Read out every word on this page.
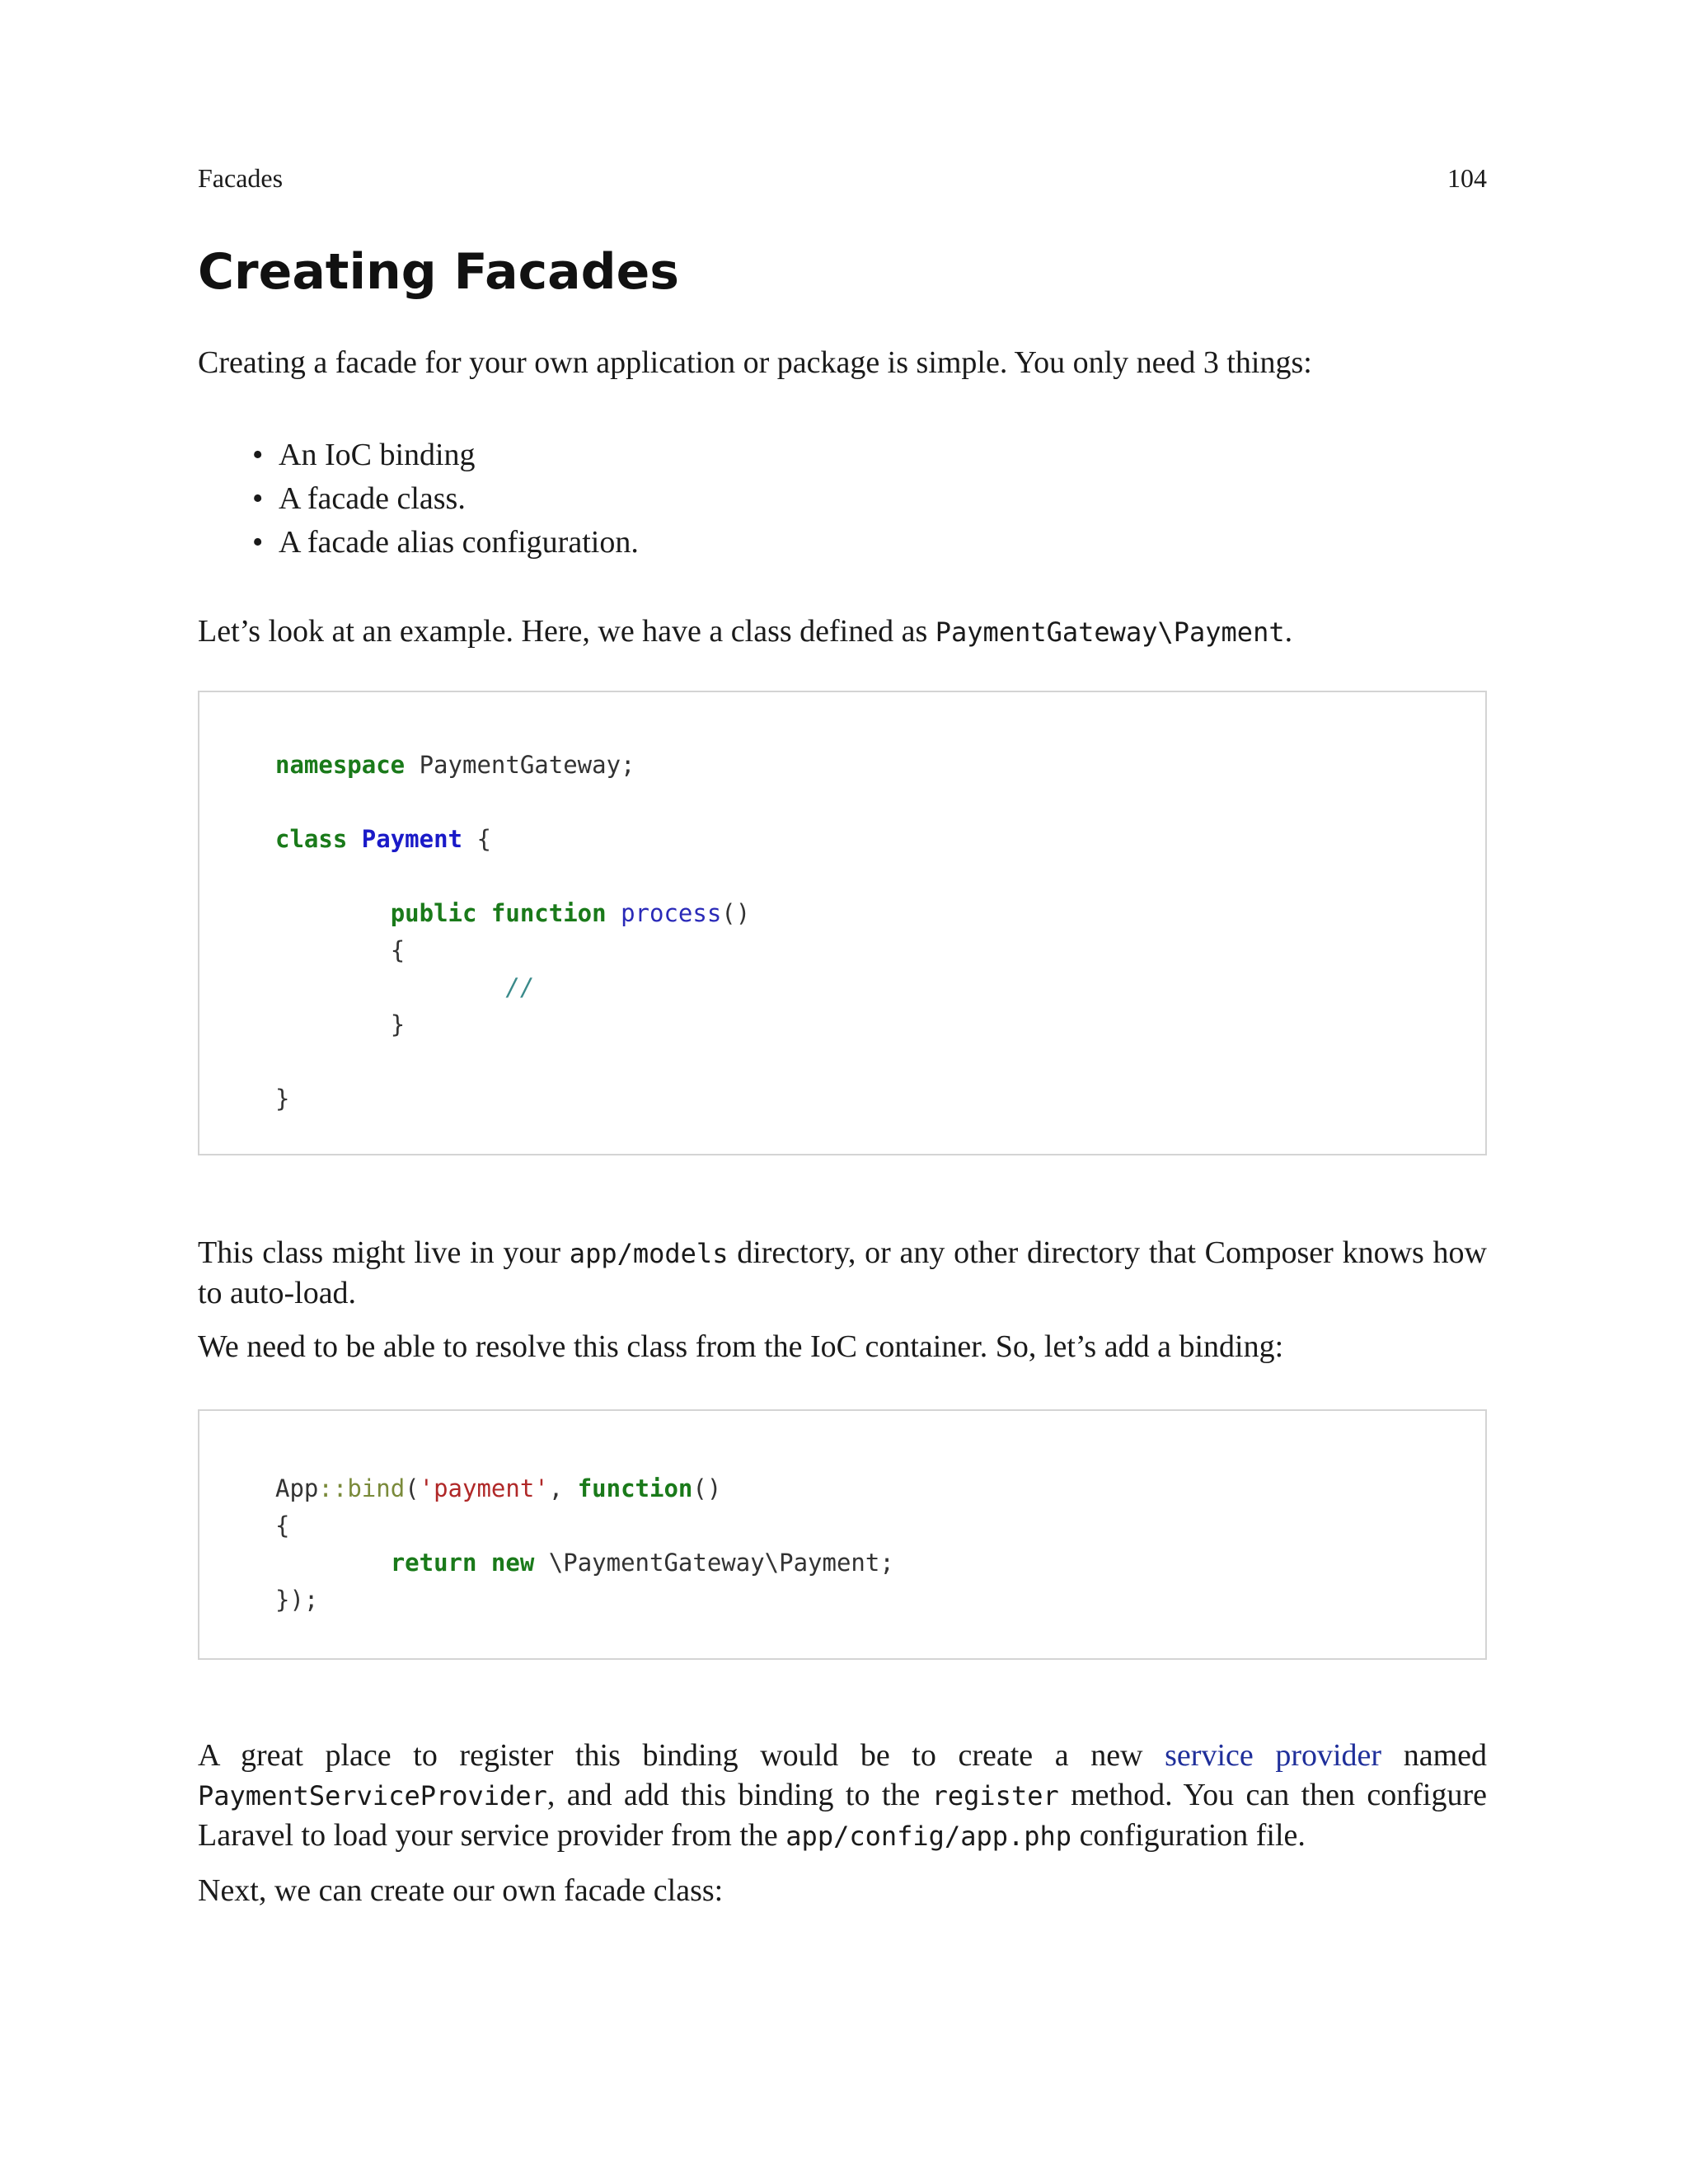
Facades	104
Creating Facades

Creating a facade for your own application or package is simple. You only need 3 things:

• An IoC binding
• A facade class.
• A facade alias configuration.

Let’s look at an example. Here, we have a class defined as PaymentGateway\Payment.

namespace PaymentGateway;
class Payment {
public function process()
{
//
}
}

This class might live in your app/models directory, or any other directory that Composer knows how to auto-load.

We need to be able to resolve this class from the IoC container. So, let’s add a binding:

App::bind('payment', function()
{
return new \PaymentGateway\Payment;
});

A great place to register this binding would be to create a new service provider named PaymentServiceProvider, and add this binding to the register method. You can then configure Laravel to load your service provider from the app/config/app.php configuration file.

Next, we can create our own facade class:
